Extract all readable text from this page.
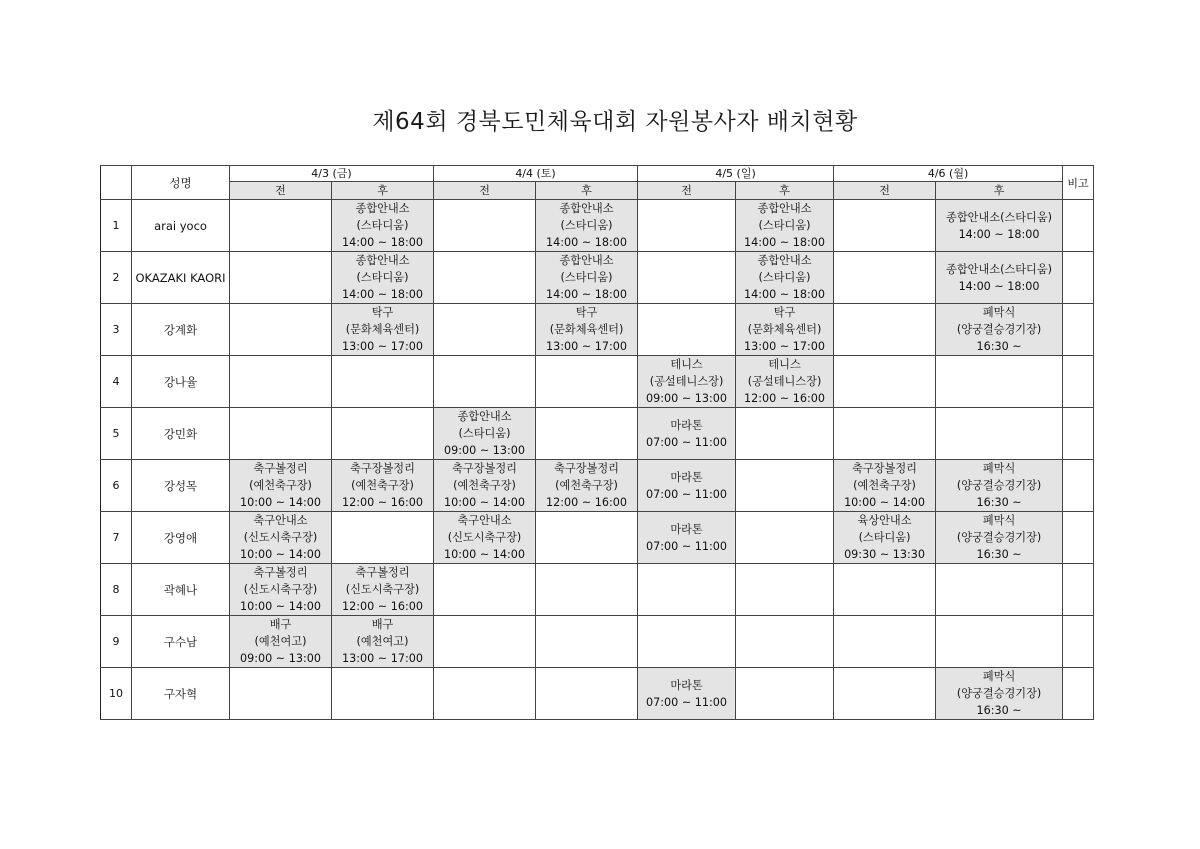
제64회 경북도민체육대회 자원봉사자 배치현황
	성명	4/3 (금)		4/4 (토)		4/5 (일)		4/6 (월)		비고
		전	후	전	후	전	후	전	후	
1	arai yoco		종합안내소
(스타디움)
14:00 ~ 18:00		종합안내소
(스타디움)
14:00 ~ 18:00		종합안내소
(스타디움)
14:00 ~ 18:00		종합안내소(스타디움)
14:00 ~ 18:00	

2	OKAZAKI KAORI		종합안내소
(스타디움)
14:00 ~ 18:00		종합안내소
(스타디움)
14:00 ~ 18:00		종합안내소
(스타디움)
14:00 ~ 18:00		종합안내소(스타디움)
14:00 ~ 18:00	

3	강계화		탁구
(문화체육센터)
13:00 ~ 17:00		탁구
(문화체육센터)
13:00 ~ 17:00		탁구
(문화체육센터)
13:00 ~ 17:00		폐막식
(양궁결승경기장)
16:30 ~	

4	강나율					테니스
(공설테니스장)
09:00 ~ 13:00	테니스
(공설테니스장)
12:00 ~ 16:00			

5	강민화			종합안내소
(스타디움)
09:00 ~ 13:00		마라톤
07:00 ~ 11:00				

6	강성목	축구볼정리
(예천축구장)
10:00 ~ 14:00	축구장볼정리
(예천축구장)
12:00 ~ 16:00	축구장볼정리
(예천축구장)
10:00 ~ 14:00	축구장볼정리
(예천축구장)
12:00 ~ 16:00	마라톤
07:00 ~ 11:00		축구장볼정리
(예천축구장)
10:00 ~ 14:00	폐막식
(양궁결승경기장)
16:30 ~	

7	강영애	축구안내소
(신도시축구장)
10:00 ~ 14:00		축구안내소
(신도시축구장)
10:00 ~ 14:00		마라톤
07:00 ~ 11:00		육상안내소
(스타디움)
09:30 ~ 13:30	폐막식
(양궁결승경기장)
16:30 ~	

8	곽혜나	축구볼정리
(신도시축구장)
10:00 ~ 14:00	축구볼정리
(신도시축구장)
12:00 ~ 16:00							

9	구수남	배구
(예천여고)
09:00 ~ 13:00	배구
(예천여고)
13:00 ~ 17:00							

10	구자혁					마라톤
07:00 ~ 11:00			폐막식
(양궁결승경기장)
16:30 ~	
